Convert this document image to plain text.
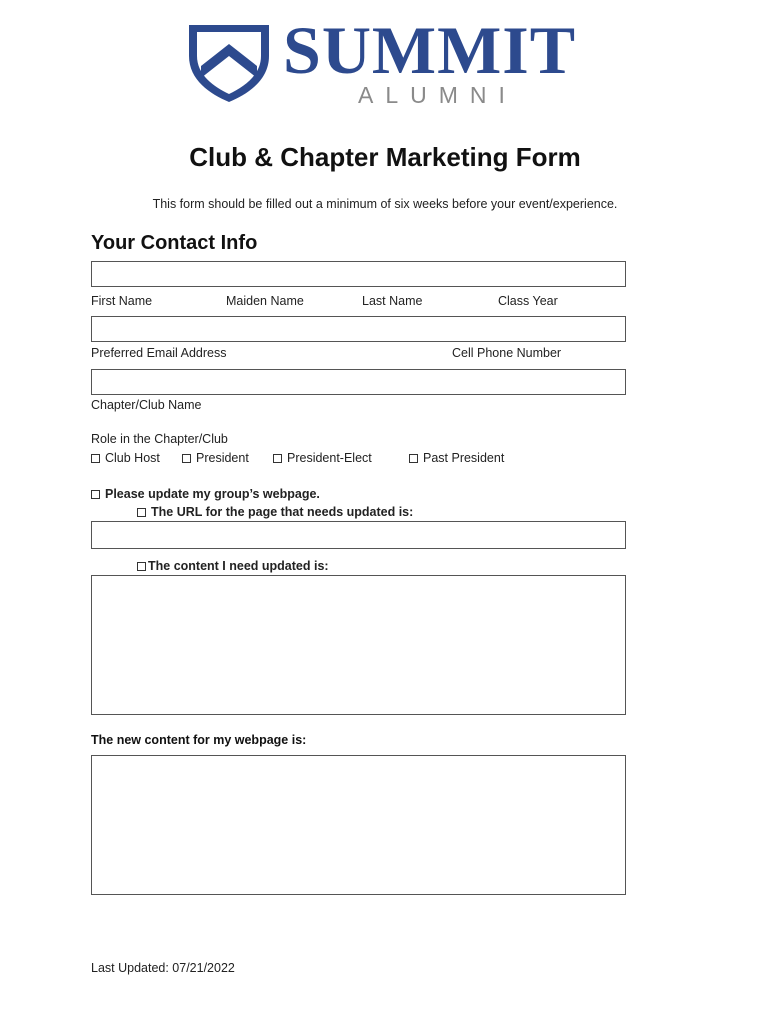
SUMMIT
ALUMNI
Club & Chapter Marketing Form
This form should be filled out a minimum of six weeks before your event/experience.
Your Contact Info
First Name	Maiden Name	Last Name	Class Year
Preferred Email Address	Cell Phone Number
Chapter/Club Name
Role in the Chapter/Club
Club Host	President	President-Elect	Past President
Please update my group’s webpage.
The URL for the page that needs updated is:
The content I need updated is:
The new content for my webpage is:
Last Updated: 07/21/2022
